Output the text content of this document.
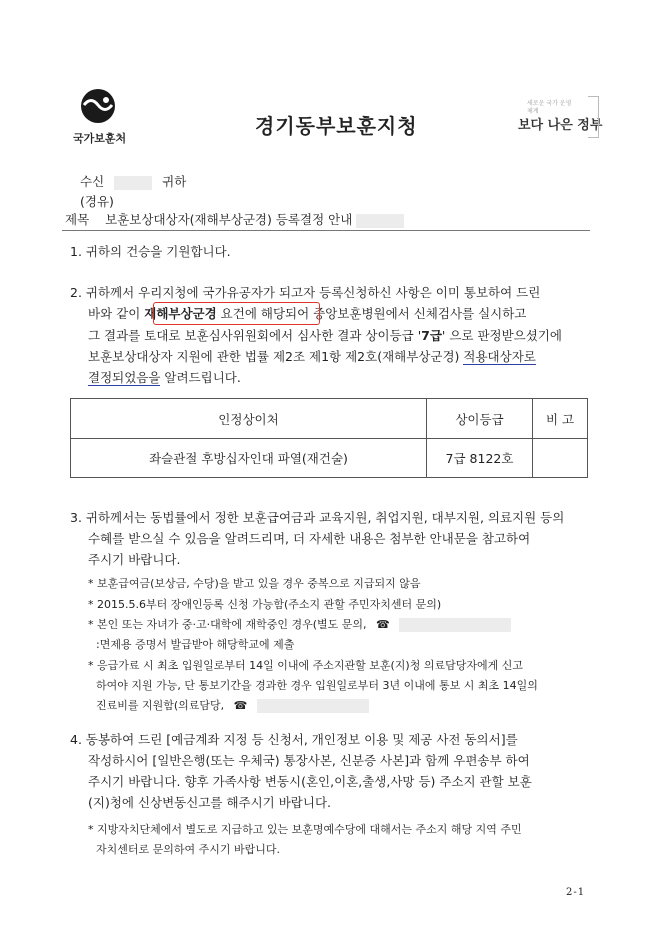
국가보훈처
경기동부보훈지청
새로운 국가 운영체계
보다 나은 정부
수신	귀하
(경유)
제목 보훈보상대상자(재해부상군경) 등록결정 안내
1. 귀하의 건승을 기원합니다.
2. 귀하께서 우리지청에 국가유공자가 되고자 등록신청하신 사항은 이미 통보하여 드린
바와 같이 재해부상군경 요건에 해당되어 중앙보훈병원에서 신체검사를 실시하고
그 결과를 토대로 보훈심사위원회에서 심사한 결과 상이등급 '7급' 으로 판정받으셨기에
보훈보상대상자 지원에 관한 법률 제2조 제1항 제2호(재해부상군경) 적용대상자로
결정되었음을 알려드립니다.
인정상이처	상이등급	비 고
좌슬관절 후방십자인대 파열(재건술)	7급 8122호	
3. 귀하께서는 동법률에서 정한 보훈급여금과 교육지원, 취업지원, 대부지원, 의료지원 등의
수혜를 받으실 수 있음을 알려드리며, 더 자세한 내용은 첨부한 안내문을 참고하여
주시기 바랍니다.
* 보훈급여금(보상금, 수당)을 받고 있을 경우 중복으로 지급되지 않음
* 2015.5.6부터 장애인등록 신청 가능함(주소지 관할 주민자치센터 문의)
* 본인 또는 자녀가 중·고·대학에 재학중인 경우(별도 문의, ☎
:면제용 증명서 발급받아 해당학교에 제출
* 응급가료 시 최초 입원일로부터 14일 이내에 주소지관할 보훈(지)청 의료담당자에게 신고
하여야 지원 가능, 단 통보기간을 경과한 경우 입원일로부터 3년 이내에 통보 시 최초 14일의
진료비를 지원함(의료담당, ☎
4. 동봉하여 드린 [예금계좌 지정 등 신청서, 개인정보 이용 및 제공 사전 동의서]를
작성하시어 [일반은행(또는 우체국) 통장사본, 신분증 사본]과 함께 우편송부 하여
주시기 바랍니다. 향후 가족사항 변동시(혼인,이혼,출생,사망 등) 주소지 관할 보훈
(지)청에 신상변동신고를 해주시기 바랍니다.
* 지방자치단체에서 별도로 지급하고 있는 보훈명예수당에 대해서는 주소지 해당 지역 주민
자치센터로 문의하여 주시기 바랍니다.
2-1
